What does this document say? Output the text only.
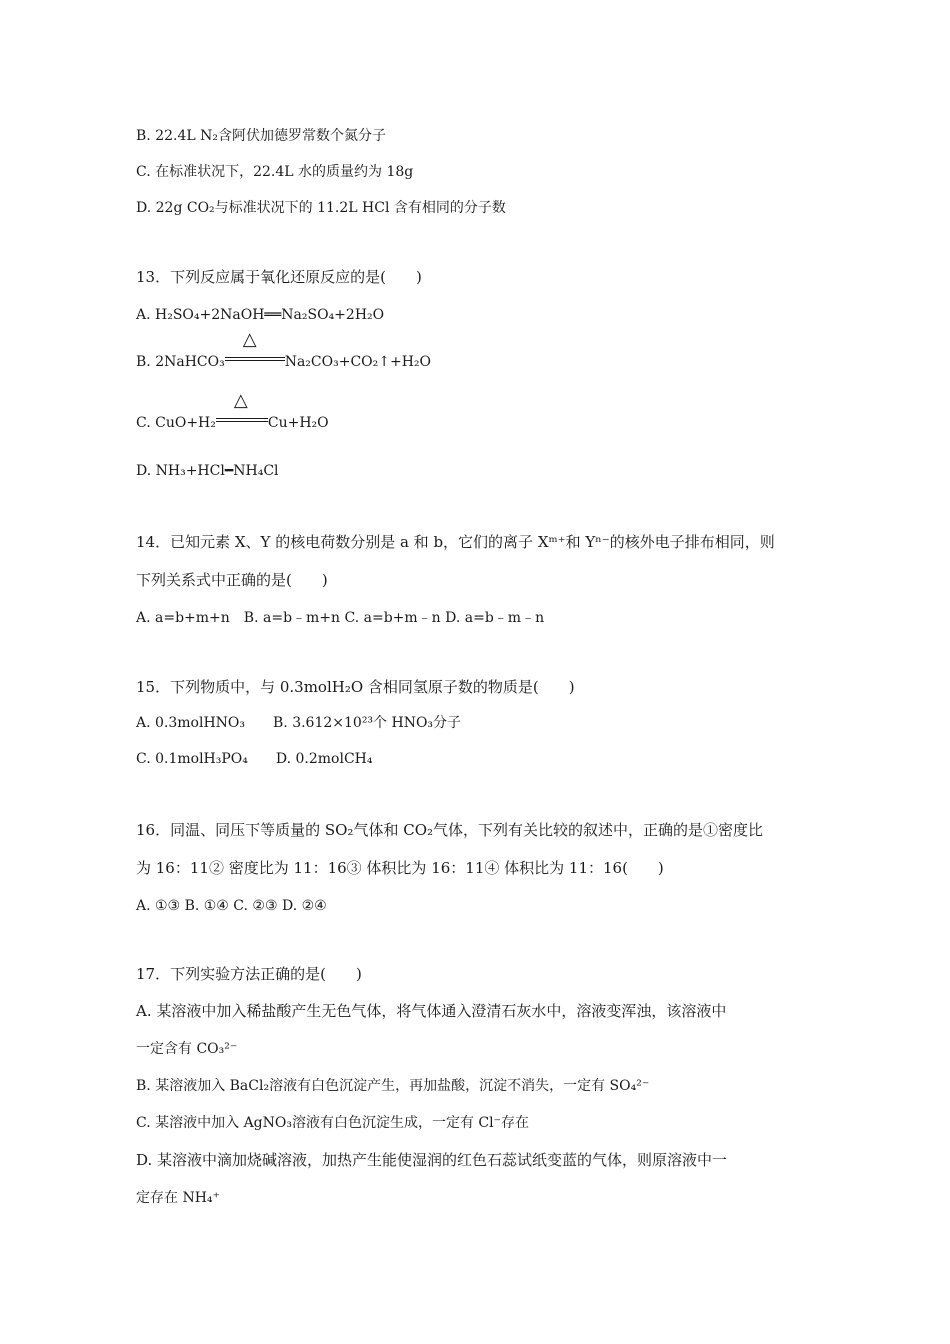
B. 22.4L N₂含阿伏加德罗常数个氮分子
C. 在标准状况下，22.4L 水的质量约为 18g
D. 22g CO₂与标准状况下的 11.2L HCl 含有相同的分子数
13．下列反应属于氧化还原反应的是(　　)
A. H₂SO₄+2NaOH══Na₂SO₄+2H₂O
B. 2NaHCO₃
△
Na₂CO₃+CO₂↑+H₂O
C. CuO+H₂
△
Cu+H₂O
D. NH₃+HCl━NH₄Cl
14．已知元素 X、Y 的核电荷数分别是 a 和 b，它们的离子 Xᵐ⁺和 Yⁿ⁻的核外电子排布相同，则
下列关系式中正确的是(　　)
A. a=b+m+n　B. a=b﹣m+n C. a=b+m﹣n D. a=b﹣m﹣n
15．下列物质中，与 0.3molH₂O 含相同氢原子数的物质是(　　)
A. 0.3molHNO₃　　B. 3.612×10²³个 HNO₃分子
C. 0.1molH₃PO₄　　D. 0.2molCH₄
16．同温、同压下等质量的 SO₂气体和 CO₂气体，下列有关比较的叙述中，正确的是①密度比
为 16：11② 密度比为 11：16③ 体积比为 16：11④ 体积比为 11：16(　　)
A. ①③ B. ①④ C. ②③ D. ②④
17．下列实验方法正确的是(　　)
A. 某溶液中加入稀盐酸产生无色气体，将气体通入澄清石灰水中，溶液变浑浊，该溶液中
一定含有 CO₃²⁻
B. 某溶液加入 BaCl₂溶液有白色沉淀产生，再加盐酸，沉淀不消失，一定有 SO₄²⁻
C. 某溶液中加入 AgNO₃溶液有白色沉淀生成，一定有 Cl⁻存在
D. 某溶液中滴加烧碱溶液，加热产生能使湿润的红色石蕊试纸变蓝的气体，则原溶液中一
定存在 NH₄⁺
